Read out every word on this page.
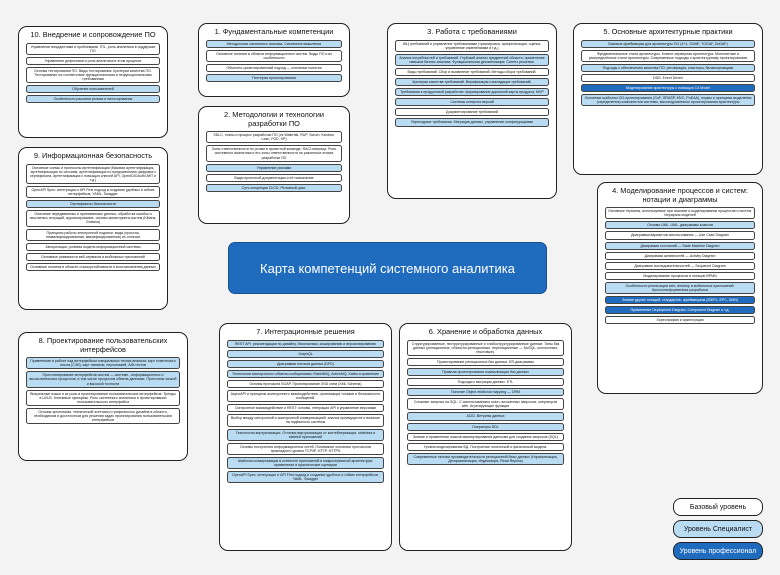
Карта компетенций системного аналитика
Базовый уровень
Уровень Специалист
Уровень профессионал
10. Внедрение и сопровождение ПО
Управление инцидентами и проблемами, ITIL, роль аналитика в поддержке ПО
Управление дефектами и роль аналитика в этом процессе
Основы тестирования ПО. Виды тестирования. Критерии качества ПО. Тестирование на соответствие функциональным и нефункциональным требованиям
Обучение пользователей
Особенности раскатки релиза и пилотирования
1. Фундаментальные компетенции
Методология системного анализа. Системное мышление
Основные понятия в области информационных систем. Виды ПО и их особенности
Объектно-ориентированный подход — основные понятия
Паттерны проектирования
2. Методологии и технологии разработки ПО
SDLC, этапы и процесс разработки ПО (vs Waterfall, RUP, Scrum, Kanban, Lean, FDD, XP)
Зоны ответственности по ролям в проектной команде. RACI-матрица. Роль системного аналитика и его зоны ответственности на различных этапах разработки ПО
Управление рисками
Виды проектной документации и её назначение
Суть концепции CI/CD. Релизный цикл.
3. Работа с требованиями
ЖЦ требований и управление требованиями (трассировка, приоритизация, оценка, управление изменениями и т.д.)
Анализ потребностей и требований. Глубокий анализ предметной области, применение навыков бизнес-анализа. Функциональная декомпозиция. Синтез решения.
Виды требований. Сбор и выявление требований. Методы сбора требований.
Критерии качества требований. Верификация и валидация требований.
Требования к продуктовой разработке: формирование дорожной карты продукта, MVP
Системы контроля версий
Документирование требований
Переходные требования. Миграция данных, управление конфигурациями
5. Основные архитектурные практики
Базовые фреймворки для архитектуры ПО (4+1, SOMF, TOGAF, DoDAF)
Фундаментальные стили архитектуры. Клиент-серверная архитектура. Монолитные и распределённые стили архитектуры. Современные подходы к архитектурному проектированию
Подходы к обеспечению качества ПО: репликация, кластеры, балансировщики
DDD. Event Driven
Моделирование архитектуры с помощью C4 Model
Основные шаблоны ОО-проектирования (GoF, GRASP, MVC, PoEAA), нормы и принципы выделения (определения) компонентов системы, высокоуровневого проектирования архитектуры
9. Информационная безопасность
Основные схемы и протоколы аутентификации (базовая аутентификация, аутентификация по сессиям, аутентификация по предъявлению цифрового сертификата, аутентификация с помощью ключей API, OpenID/OAuth/JWT и т.д.)
OpenAPI Spec: интеграция и API First подход в создании удобных и гибких интерфейсов, YAML, Swagger
Сертификаты безопасности
Описание передаваемых и принимаемых данных, обработка ошибок и нештатных ситуаций, журналирование, основы мониторинга систем (Kibana, Grafana)
Принципы работы электронной подписи, виды (простая, неквалифицированная, квалифицированная) их отличия
Авторизация, ролевая модель информационной системы
Основные уязвимости веб-сервисов и мобильных приложений
Основные понятия в области отказоустойчивости и восстановления данных
4. Моделирование процессов и систем: нотации и диаграммы
Основные термины, используемые при анализе и моделировании процессов и систем. Иерархия моделей
Основы UML. UML- диаграммы классов
Диаграмма вариантов использования — Use Case Diagram
Диаграмма состояний — State Machine Diagram
Диаграмма активностей — Activity Diagram
Диаграмма последовательностей — Sequence Diagram
Моделирование процессов в нотации BPMN
Особенности реализации web, desktop и мобильных приложений. Кроссплатформенная разработка
Знание других нотаций, стандартов, фреймворков (IDEF0, EPC, DMN)
Применение Deployment Diagram, Component Diagram и т.д.
Хореография и оркестрация
8. Проектирование пользовательских интерфейсов
Применение в работе над интерфейсом специальных техник анализа: карт клиентского опыта (CJM), карт эмпатии, персонажей, A/B-тестов
Прототипирование интерфейсов систем — системн., информационных и вычислительных процессов, в том числе процессов обмена данными. Прототипы низкой и высокой точности
Визуальные языки и их роль в проектировании пользовательских интерфейсов. Тренды в UI/UX. Ключевые принципы. Роль системного аналитика в проектировании пользовательского интерфейса
Основы эргономики, технической эстетики и графического дизайна в области, необходимом и достаточном для решения задач проектирования пользовательских интерфейсов
7. Интеграционные решения
REST API: рекомендации по дизайну, безопасным, кэшированию и версионированию
GraphQL
Диаграммы потоков данных (DFD)
Технологии асинхронного обмена сообщениями: RabbitMQ, ActiveMQ, Kafka и сравнение
Основы протокола SOAP. Проектирование XSD схем (XML Schema)
AsyncAPI и принципы асинхронного взаимодействия: организация топиков и безопасность сообщений.
Синхронное взаимодействие и REST: основы, генерация API и управление версиями
Выбор между синхронной и асинхронной коммуникацией: анализ преимуществ и влияние на надёжность системы
Технологии виртуализации. Отличия виртуализации от контейнеризации, stateless и statefull приложений
Основы построения информационных сетей. Понимание основных протоколов прикладного уровня TCP/IP, HTTP, HTTPS
Шаблоны коммуникации в контексте приложений и микросервисной архитектуры: применение и практические сценарии
OpenAPI Spec: интеграция и API First подход в создании удобных и гибких интерфейсов, YAML, Swagger
6. Хранение и обработка данных
Структурированные, неструктурированные и слабоструктурированные данные. Типы баз данных (реляционные, объектно-реляционные, нереляционные — NoSQL, колоночные, текстовые).
Проектирование реляционных баз данных. ER-диаграммы
Правила проектирования нормализации баз данных
Подходы к миграции данных. ETL
Понятие Object relational mapping — ORM
Сложные запросы на SQL. С использованием union, вложенных запросов, операторов with. Агрегирующие функции
ACID. Ветрины данных
Операторы DDL
Знание и применение языков манипулирования данными для создания запросов (SQL)
Уровни моделирования БД. Построение логической и физической модели.
Современные тактики производительности реляционной базы данных (Нормализация, Денормализация, Индексация, Read Replica)
